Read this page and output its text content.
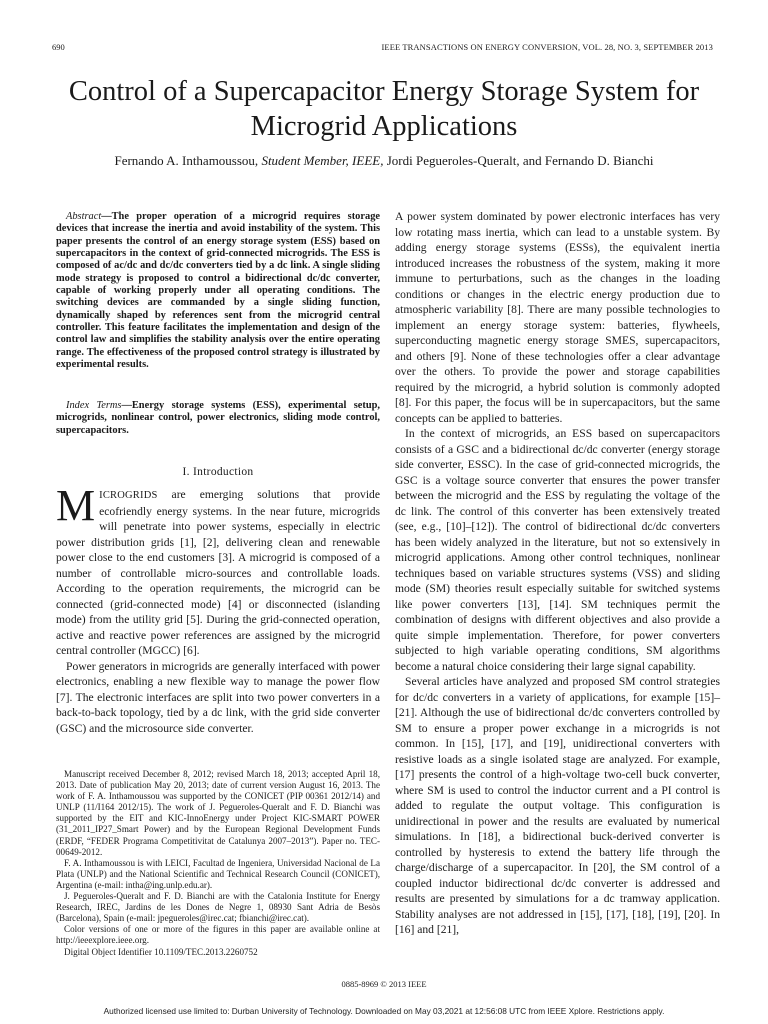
690	IEEE TRANSACTIONS ON ENERGY CONVERSION, VOL. 28, NO. 3, SEPTEMBER 2013
Control of a Supercapacitor Energy Storage System for Microgrid Applications
Fernando A. Inthamoussou, Student Member, IEEE, Jordi Pegueroles-Queralt, and Fernando D. Bianchi

Abstract—The proper operation of a microgrid requires storage devices that increase the inertia and avoid instability of the system. This paper presents the control of an energy storage system (ESS) based on supercapacitors in the context of grid-connected microgrids. The ESS is composed of ac/dc and dc/dc converters tied by a dc link. A single sliding mode strategy is proposed to control a bidirectional dc/dc converter, capable of working properly under all operating conditions. The switching devices are commanded by a single sliding function, dynamically shaped by references sent from the microgrid central controller. This feature facilitates the implementation and design of the control law and simplifies the stability analysis over the entire operating range. The effectiveness of the proposed control strategy is illustrated by experimental results.

Index Terms—Energy storage systems (ESS), experimental setup, microgrids, nonlinear control, power electronics, sliding mode control, supercapacitors.
I. Introduction

MICROGRIDS are emerging solutions that provide ecofriendly energy systems. In the near future, microgrids will penetrate into power systems, especially in electric power distribution grids [1], [2], delivering clean and renewable power close to the end customers [3]. A microgrid is composed of a number of controllable micro-sources and controllable loads. According to the operation requirements, the microgrid can be connected (grid-connected mode) [4] or disconnected (islanding mode) from the utility grid [5]. During the grid-connected operation, active and reactive power references are assigned by the microgrid central controller (MGCC) [6].

Power generators in microgrids are generally interfaced with power electronics, enabling a new flexible way to manage the power flow [7]. The electronic interfaces are split into two power converters in a back-to-back topology, tied by a dc link, with the grid side converter (GSC) and the microsource side converter.

Manuscript received December 8, 2012; revised March 18, 2013; accepted April 18, 2013. Date of publication May 20, 2013; date of current version August 16, 2013. The work of F. A. Inthamoussou was supported by the CONICET (PIP 00361 2012/14) and UNLP (11/I164 2012/15). The work of J. Pegueroles-Queralt and F. D. Bianchi was supported by the EIT and KIC-InnoEnergy under Project KIC-SMART POWER (31_2011_IP27_Smart Power) and by the European Regional Development Funds (ERDF, “FEDER Programa Competitivitat de Catalunya 2007–2013”). Paper no. TEC-00649-2012.

F. A. Inthamoussou is with LEICI, Facultad de Ingeniera, Universidad Nacional de La Plata (UNLP) and the National Scientific and Technical Research Council (CONICET), Argentina (e-mail: intha@ing.unlp.edu.ar).

J. Pegueroles-Queralt and F. D. Bianchi are with the Catalonia Institute for Energy Research, IREC, Jardins de les Dones de Negre 1, 08930 Sant Adria de Besòs (Barcelona), Spain (e-mail: jpegueroles@irec.cat; fbianchi@irec.cat).

Color versions of one or more of the figures in this paper are available online at http://ieeexplore.ieee.org.

Digital Object Identifier 10.1109/TEC.2013.2260752

A power system dominated by power electronic interfaces has very low rotating mass inertia, which can lead to a unstable system. By adding energy storage systems (ESSs), the equivalent inertia introduced increases the robustness of the system, making it more immune to perturbations, such as the changes in the loading conditions or changes in the electric energy production due to atmospheric variability [8]. There are many possible technologies to implement an energy storage system: batteries, flywheels, superconducting magnetic energy storage SMES, supercapacitors, and others [9]. None of these technologies offer a clear advantage over the others. To provide the power and storage capabilities required by the microgrid, a hybrid solution is commonly adopted [8]. For this paper, the focus will be in supercapacitors, but the same concepts can be applied to batteries.

In the context of microgrids, an ESS based on supercapacitors consists of a GSC and a bidirectional dc/dc converter (energy storage side converter, ESSC). In the case of grid-connected microgrids, the GSC is a voltage source converter that ensures the power transfer between the microgrid and the ESS by regulating the voltage of the dc link. The control of this converter has been extensively treated (see, e.g., [10]–[12]). The control of bidirectional dc/dc converters has been widely analyzed in the literature, but not so extensively in microgrid applications. Among other control techniques, nonlinear techniques based on variable structures systems (VSS) and sliding mode (SM) theories result especially suitable for switched systems like power converters [13], [14]. SM techniques permit the combination of designs with different objectives and also provide a quite simple implementation. Therefore, for power converters subjected to high variable operating conditions, SM algorithms become a natural choice considering their large signal capability.

Several articles have analyzed and proposed SM control strategies for dc/dc converters in a variety of applications, for example [15]–[21]. Although the use of bidirectional dc/dc converters controlled by SM to ensure a proper power exchange in a microgrids is not common. In [15], [17], and [19], unidirectional converters with resistive loads as a single isolated stage are analyzed. For example, [17] presents the control of a high-voltage two-cell buck converter, where SM is used to control the inductor current and a PI control is added to regulate the output voltage. This configuration is unidirectional in power and the results are evaluated by numerical simulations. In [18], a bidirectional buck-derived converter is controlled by hysteresis to extend the battery life through the charge/discharge of a supercapacitor. In [20], the SM control of a coupled inductor bidirectional dc/dc converter is addressed and results are presented by simulations for a dc tramway application. Stability analyses are not addressed in [15], [17], [18], [19], [20]. In [16] and [21],

0885-8969 © 2013 IEEE
Authorized licensed use limited to: Durban University of Technology. Downloaded on May 03,2021 at 12:56:08 UTC from IEEE Xplore. Restrictions apply.
